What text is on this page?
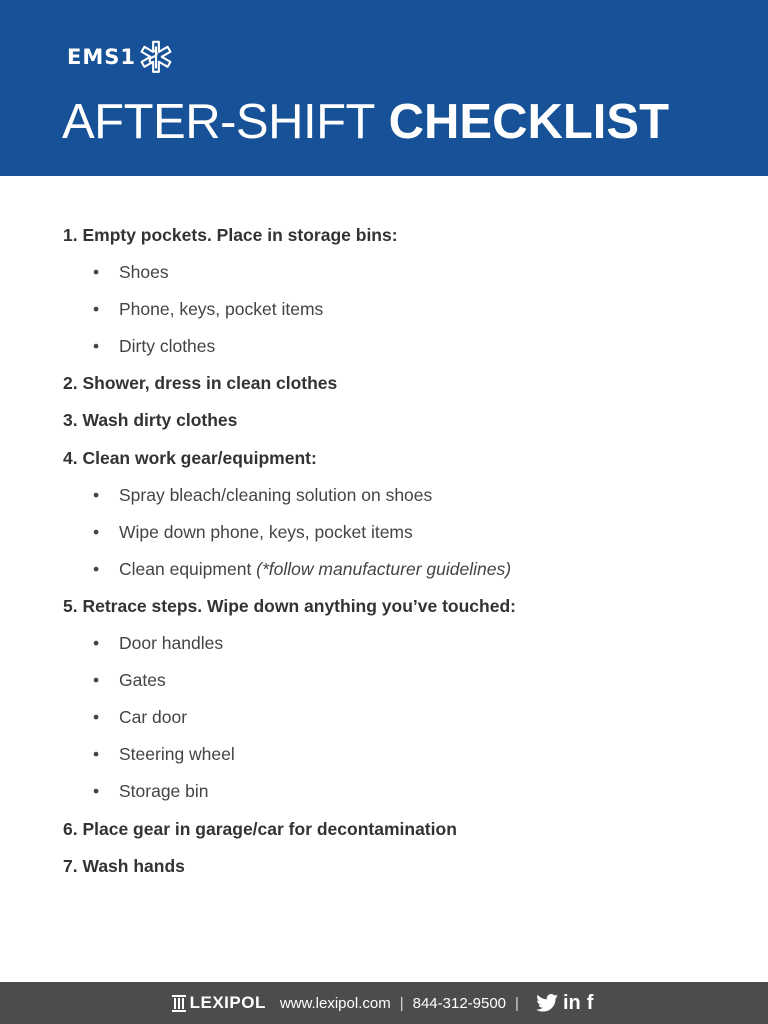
EMS1
AFTER-SHIFT CHECKLIST
1. Empty pockets. Place in storage bins:
• Shoes
• Phone, keys, pocket items
• Dirty clothes
2. Shower, dress in clean clothes
3. Wash dirty clothes
4. Clean work gear/equipment:
• Spray bleach/cleaning solution on shoes
• Wipe down phone, keys, pocket items
• Clean equipment (*follow manufacturer guidelines)
5. Retrace steps. Wipe down anything you’ve touched:
• Door handles
• Gates
• Car door
• Steering wheel
• Storage bin
6. Place gear in garage/car for decontamination
7. Wash hands
LEXIPOL www.lexipol.com | 844-312-9500 | in f
